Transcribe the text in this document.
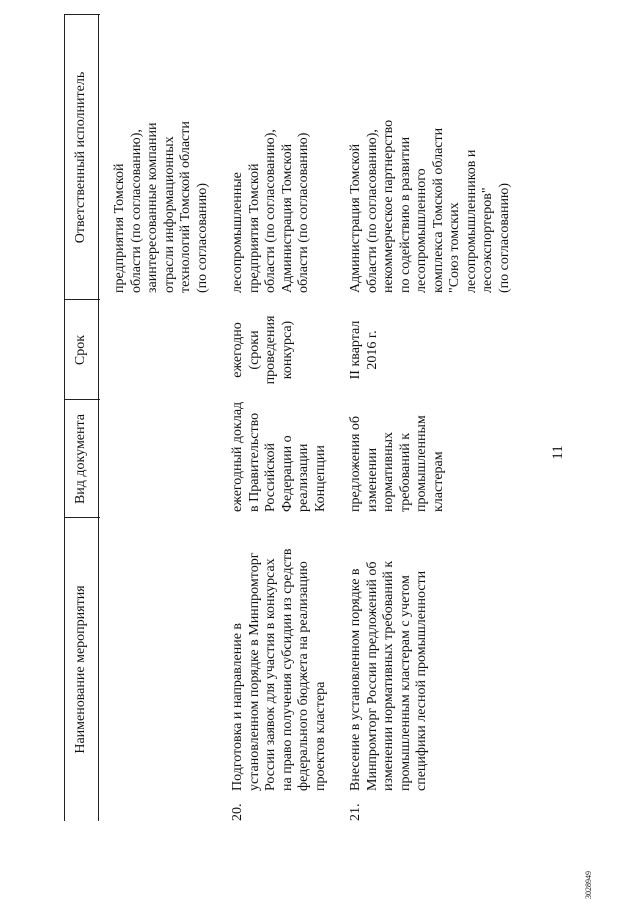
11
3028949
Наименование мероприятия
Вид документа
Срок
Ответственный исполнитель предприятия Томской области (по согласованию), заинтересованные компании отрасли информационных технологий Томской области (по согласованию)
20.
Подготовка и направление в установленном порядке в Минпромторг России заявок для участия в конкурсах на право получения субсидии из средств федерального бюджета на реализацию проектов кластера
ежегодный доклад в Правительство Российской Федерации о реализации Концепции
ежегодно (сроки проведения конкурса)
лесопромышленные предприятия Томской области (по согласованию), Администрация Томской области (по согласованию)
21.
Внесение в установленном порядке в Минпромторг России предложений об изменении нормативных требований к промышленным кластерам с учетом специфики лесной промышленности
предложения об изменении нормативных требований к промышленным кластерам
II квартал 2016 г.
Администрация Томской области (по согласованию), некоммерческое партнерство по содействию в развитии лесопромышленного комплекса Томской области "Союз томских лесопромышленников и лесоэкспортеров" (по согласованию)
